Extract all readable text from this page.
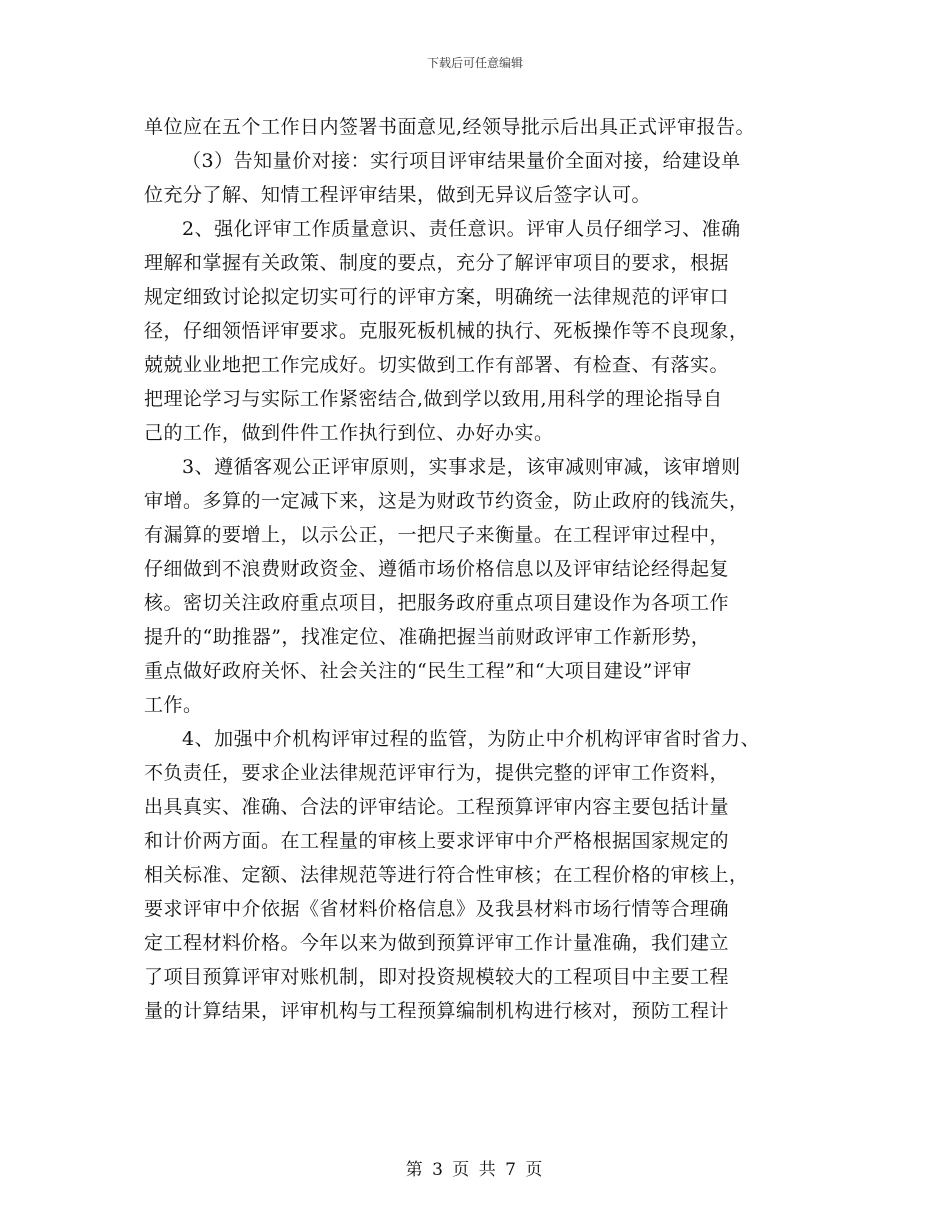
下载后可任意编辑
单位应在五个工作日内签署书面意见,经领导批示后出具正式评审报告。
（3）告知量价对接：实行项目评审结果量价全面对接，给建设单
位充分了解、知情工程评审结果，做到无异议后签字认可。
2、强化评审工作质量意识、责任意识。评审人员仔细学习、准确
理解和掌握有关政策、制度的要点，充分了解评审项目的要求，根据
规定细致讨论拟定切实可行的评审方案，明确统一法律规范的评审口
径，仔细领悟评审要求。克服死板机械的执行、死板操作等不良现象，
兢兢业业地把工作完成好。切实做到工作有部署、有检查、有落实。
把理论学习与实际工作紧密结合,做到学以致用,用科学的理论指导自
己的工作，做到件件工作执行到位、办好办实。
3、遵循客观公正评审原则，实事求是，该审减则审减，该审增则
审增。多算的一定减下来，这是为财政节约资金，防止政府的钱流失，
有漏算的要增上，以示公正，一把尺子来衡量。在工程评审过程中，
仔细做到不浪费财政资金、遵循市场价格信息以及评审结论经得起复
核。密切关注政府重点项目，把服务政府重点项目建设作为各项工作
提升的“助推器”，找准定位、准确把握当前财政评审工作新形势，
重点做好政府关怀、社会关注的“民生工程”和“大项目建设”评审
工作。
4、加强中介机构评审过程的监管，为防止中介机构评审省时省力、
不负责任，要求企业法律规范评审行为，提供完整的评审工作资料，
出具真实、准确、合法的评审结论。工程预算评审内容主要包括计量
和计价两方面。在工程量的审核上要求评审中介严格根据国家规定的
相关标准、定额、法律规范等进行符合性审核；在工程价格的审核上，
要求评审中介依据《省材料价格信息》及我县材料市场行情等合理确
定工程材料价格。今年以来为做到预算评审工作计量准确，我们建立
了项目预算评审对账机制，即对投资规模较大的工程项目中主要工程
量的计算结果，评审机构与工程预算编制机构进行核对，预防工程计
第 3 页 共 7 页
